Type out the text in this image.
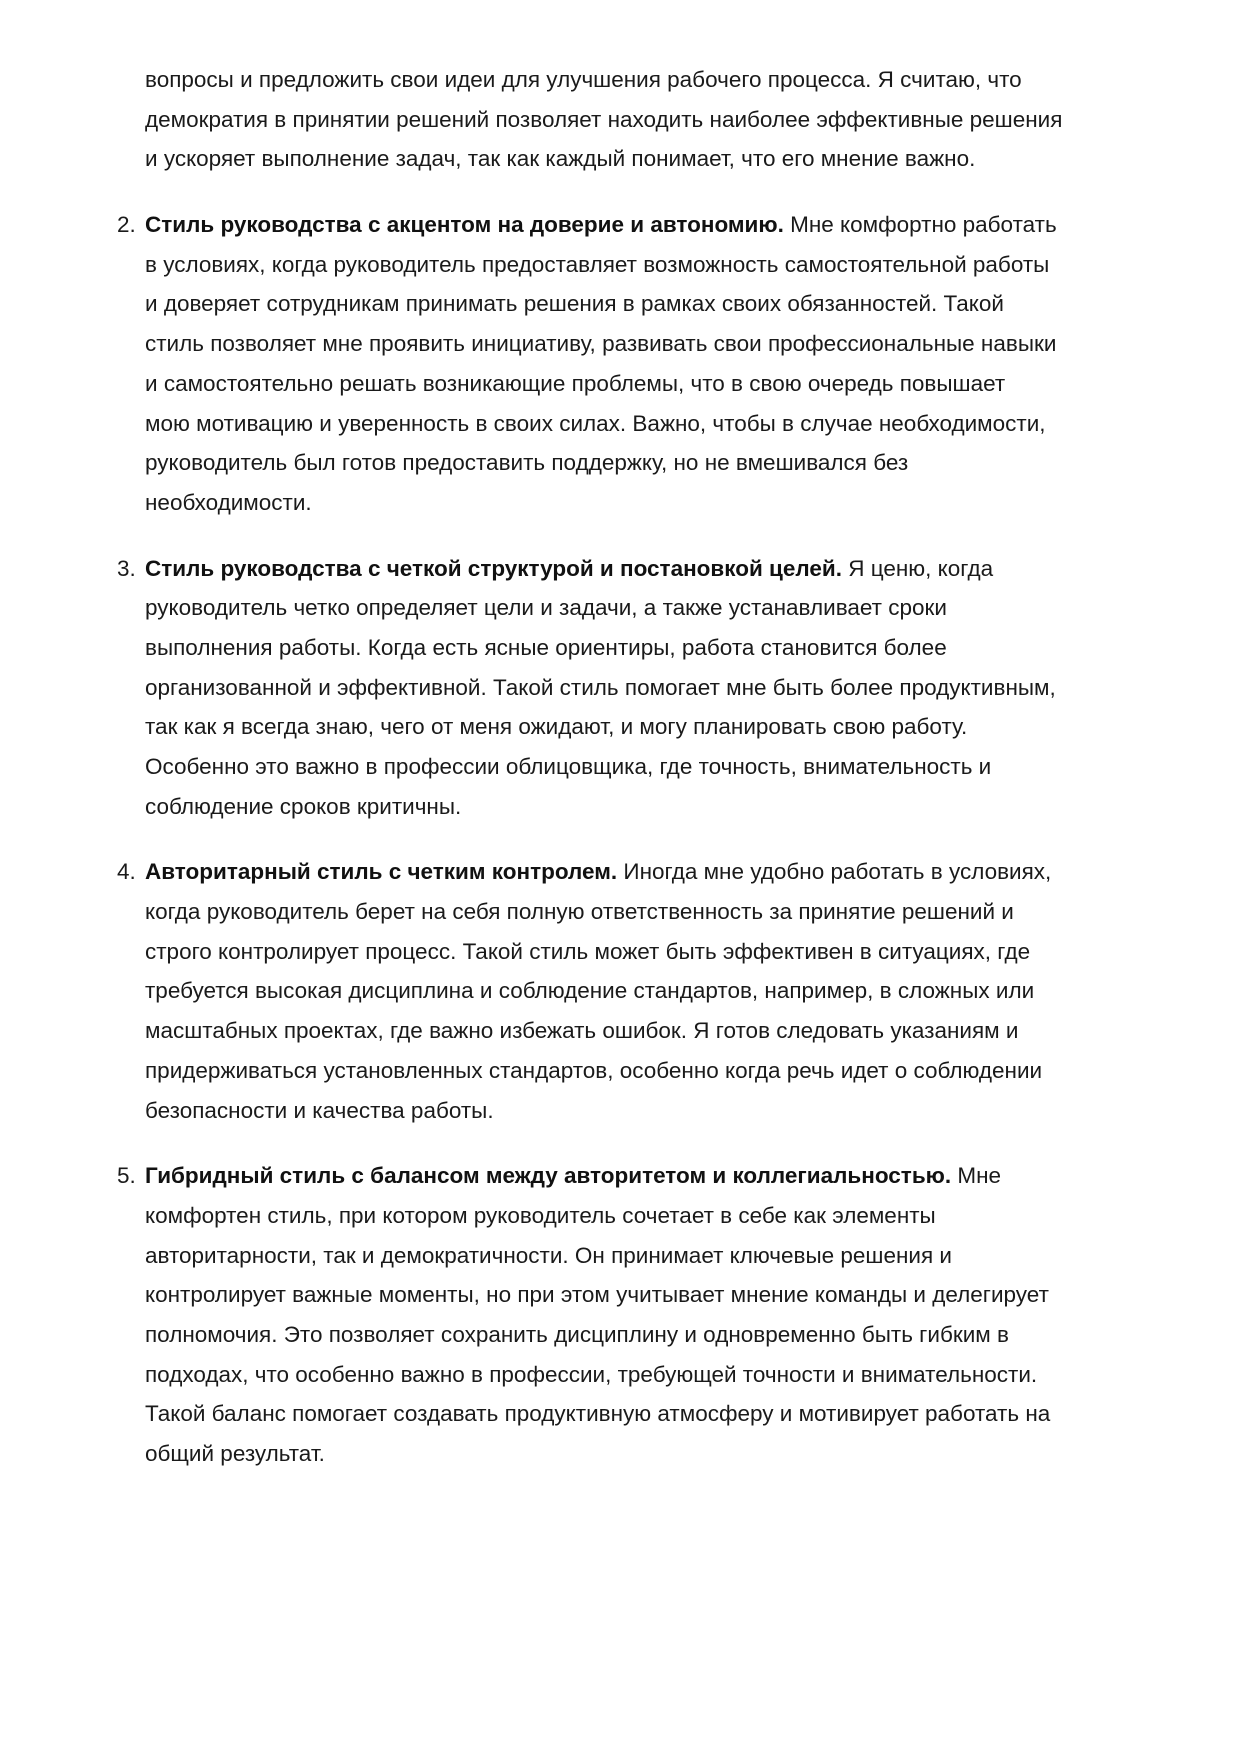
вопросы и предложить свои идеи для улучшения рабочего процесса. Я считаю, что
демократия в принятии решений позволяет находить наиболее эффективные решения
и ускоряет выполнение задач, так как каждый понимает, что его мнение важно.
2. Стиль руководства с акцентом на доверие и автономию. Мне комфортно работать
в условиях, когда руководитель предоставляет возможность самостоятельной работы
и доверяет сотрудникам принимать решения в рамках своих обязанностей. Такой
стиль позволяет мне проявить инициативу, развивать свои профессиональные навыки
и самостоятельно решать возникающие проблемы, что в свою очередь повышает
мою мотивацию и уверенность в своих силах. Важно, чтобы в случае необходимости,
руководитель был готов предоставить поддержку, но не вмешивался без
необходимости.
3. Стиль руководства с четкой структурой и постановкой целей. Я ценю, когда
руководитель четко определяет цели и задачи, а также устанавливает сроки
выполнения работы. Когда есть ясные ориентиры, работа становится более
организованной и эффективной. Такой стиль помогает мне быть более продуктивным,
так как я всегда знаю, чего от меня ожидают, и могу планировать свою работу.
Особенно это важно в профессии облицовщика, где точность, внимательность и
соблюдение сроков критичны.
4. Авторитарный стиль с четким контролем. Иногда мне удобно работать в условиях,
когда руководитель берет на себя полную ответственность за принятие решений и
строго контролирует процесс. Такой стиль может быть эффективен в ситуациях, где
требуется высокая дисциплина и соблюдение стандартов, например, в сложных или
масштабных проектах, где важно избежать ошибок. Я готов следовать указаниям и
придерживаться установленных стандартов, особенно когда речь идет о соблюдении
безопасности и качества работы.
5. Гибридный стиль с балансом между авторитетом и коллегиальностью. Мне
комфортен стиль, при котором руководитель сочетает в себе как элементы
авторитарности, так и демократичности. Он принимает ключевые решения и
контролирует важные моменты, но при этом учитывает мнение команды и делегирует
полномочия. Это позволяет сохранить дисциплину и одновременно быть гибким в
подходах, что особенно важно в профессии, требующей точности и внимательности.
Такой баланс помогает создавать продуктивную атмосферу и мотивирует работать на
общий результат.
